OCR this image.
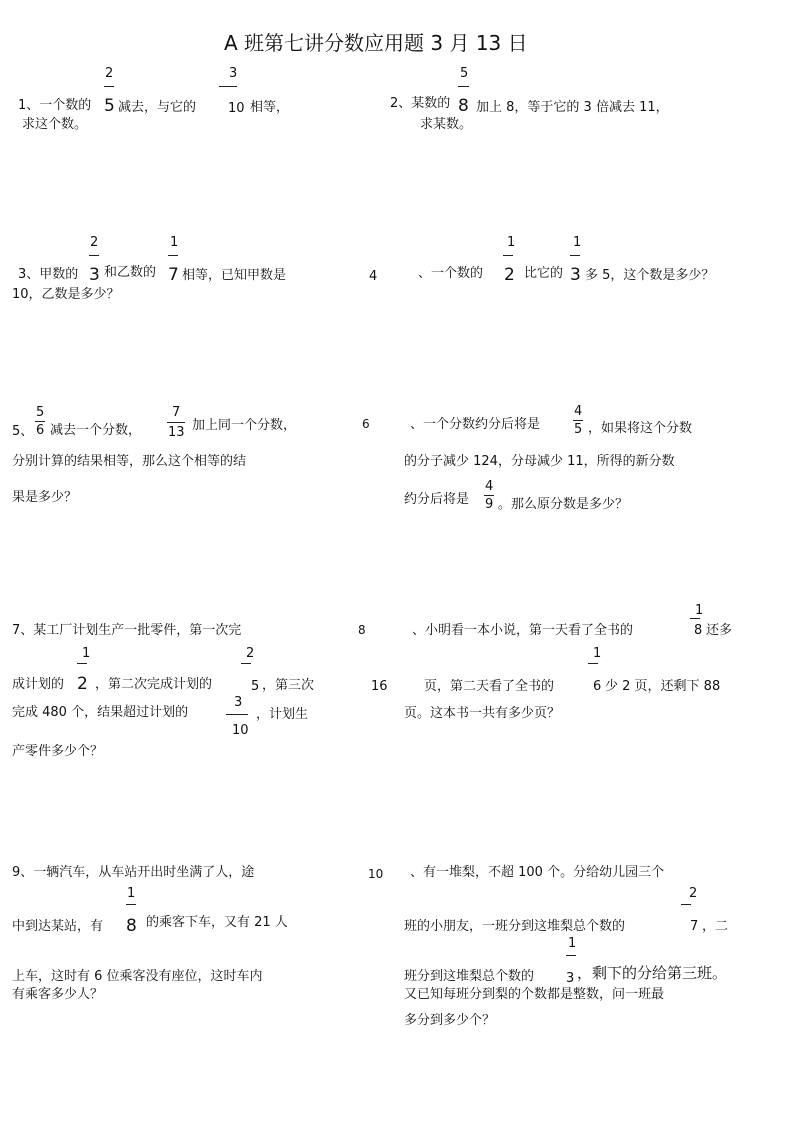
A 班第七讲分数应用题 3 月 13 日
1、一个数的
2
5 减去，与它的
3
10 相等，
求这个数。
2、某数的
5
8 加上 8，等于它的 3 倍减去 11，
求某数。
3、甲数的
2
3 和乙数的
1
7 相等，已知甲数是
10，乙数是多少？
4	、一个数的
1
2 比它的
1
3 多 5，这个数是多少？
5、
5
6 减去一个分数，
7
13 加上同一个分数，
分别计算的结果相等，那么这个相等的结
果是多少？
6	、一个分数约分后将是
4
5 ，如果将这个分数
的分子减少 124，分母减少 11，所得的新分数
约分后将是
4
9 。那么原分数是多少？
7、某工厂计划生产一批零件，第一次完
成计划的
1
2 ，第二次完成计划的
2
5 ，第三次
完成 480 个，结果超过计划的
3
10
，计划生
产零件多少个？
8	、小明看一本小说，第一天看了全书的
1
8 还多
16	页，第二天看了全书的
1
6 少 2 页，还剩下 88
页。这本书一共有多少页？
9、一辆汽车，从车站开出时坐满了人，途
中到达某站，有
1
8 的乘客下车，又有 21 人
上车，这时有 6 位乘客没有座位，这时车内
有乘客多少人？
10 、有一堆梨，不超 100 个。分给幼儿园三个
班的小朋友，一班分到这堆梨总个数的
2
7 ，二
班分到这堆梨总个数的
1
3 ，剩下的分给第三班。
又已知每班分到梨的个数都是整数，问一班最
多分到多少个？
